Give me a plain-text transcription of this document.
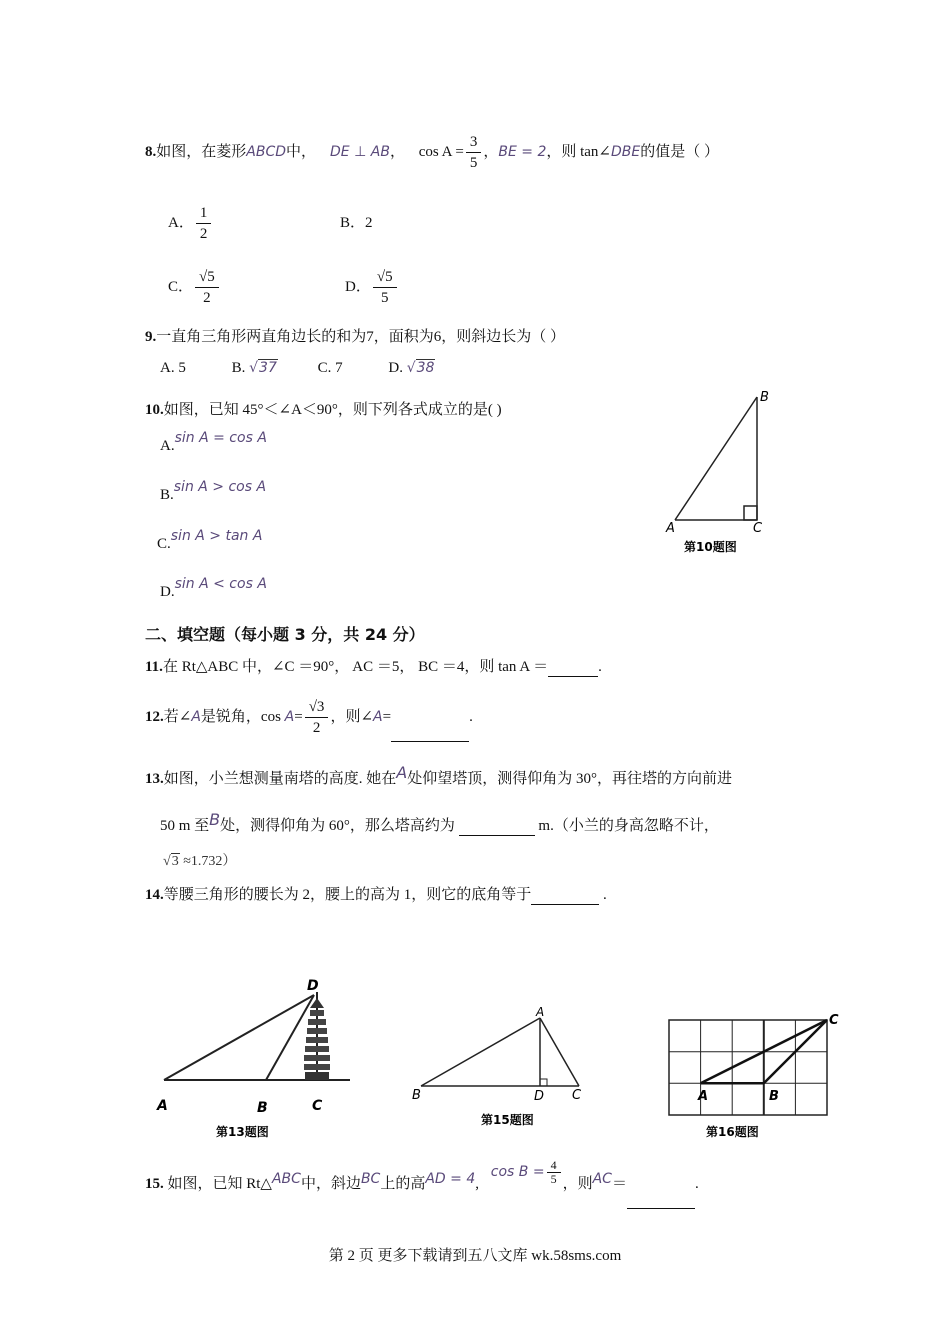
8.如图，在菱形ABCD中， DE ⊥ AB， $\cos A = \frac{3}{5}$ ，BE = 2，则 tan∠DBE的值是（ ）
A． $\frac{1}{2}$	B．2
C． $\frac{√5}{2}$	D． $\frac{√5}{5}$
9.一直角三角形两直角边长的和为7，面积为6，则斜边长为（ ）
A. 5	B. √37	C. 7	D. √38
10.如图，已知 45°＜∠A＜90°，则下列各式成立的是( )
A.sin A = cos A
B.sin A > cos A
C.sin A > tan A
D.sin A < cos A
B
A	C
第10题图
二、填空题（每小题 3 分，共 24 分）
11.在 Rt△ABC 中，∠C ＝90°， AC ＝5， BC ＝4，则 tan A ＝	.
12.若∠A是锐角，$\cos A= \frac{√3}{2}$ ，则∠A=	.
13.如图，小兰想测量南塔的高度. 她在A处仰望塔顶，测得仰角为 30°，再往塔的方向前进
50 m 至B处，测得仰角为 60°，那么塔高约为	m.（小兰的身高忽略不计，
√3 ≈1.732）
14.等腰三角形的腰长为 2，腰上的高为 1，则它的底角等于	.
D
A	B	C
第13题图
A
B	D C
第15题图
A	B
C
第16题图
15. 如图，已知 Rt△ABC中，斜边BC上的高AD = 4, $\cos B = \frac{4}{5}$ ，则AC＝	.
第 2 页 更多下载请到五八文库 wk.58sms.com
